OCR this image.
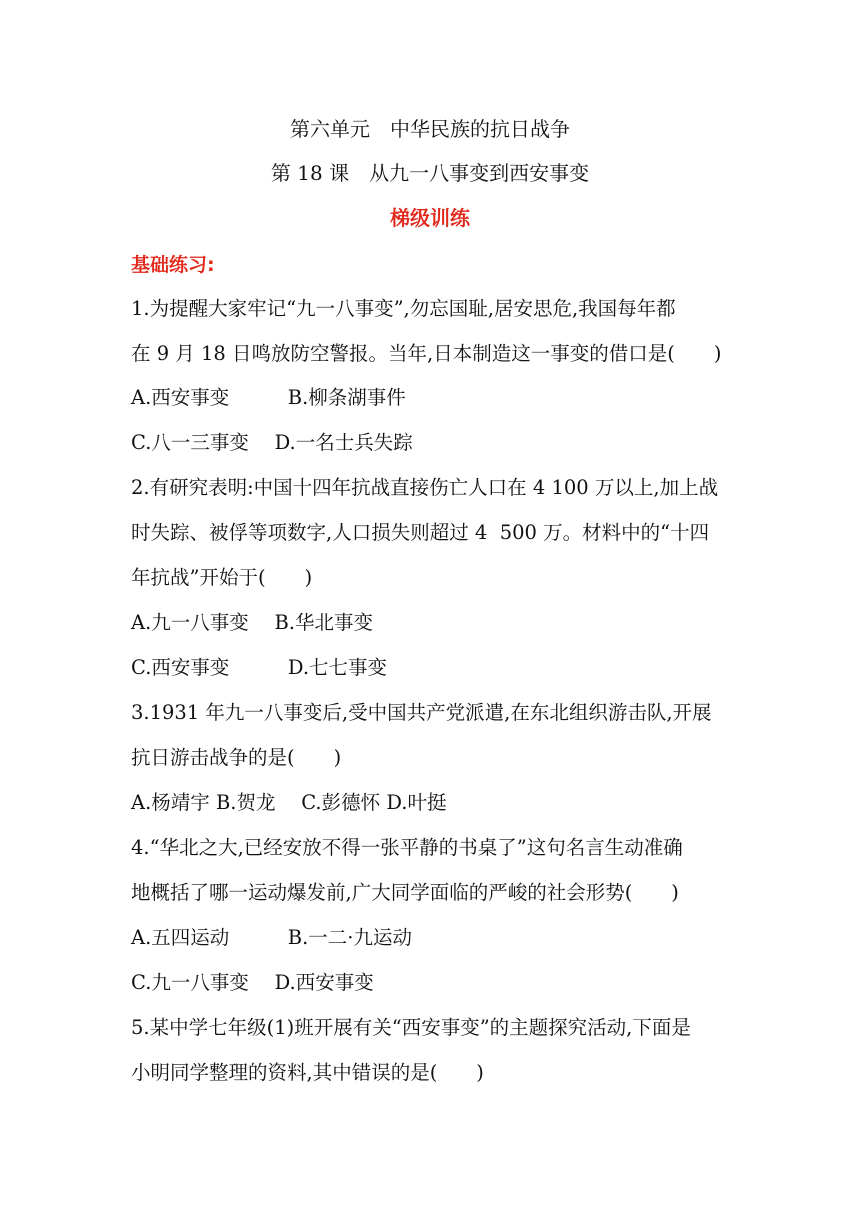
第六单元　中华民族的抗日战争
第 18 课　从九一八事变到西安事变
梯级训练
基础练习:
1.为提醒大家牢记“九一八事变”,勿忘国耻,居安思危,我国每年都
在 9 月 18 日鸣放防空警报。当年,日本制造这一事变的借口是(　　)
A.西安事变　　　B.柳条湖事件
C.八一三事变　 D.一名士兵失踪
2.有研究表明:中国十四年抗战直接伤亡人口在 4 100 万以上,加上战
时失踪、被俘等项数字,人口损失则超过 4  500 万。材料中的“十四
年抗战”开始于(　　)
A.九一八事变　 B.华北事变
C.西安事变　　　D.七七事变
3.1931 年九一八事变后,受中国共产党派遣,在东北组织游击队,开展
抗日游击战争的是(　　)
A.杨靖宇 B.贺龙　 C.彭德怀 D.叶挺
4.“华北之大,已经安放不得一张平静的书桌了”这句名言生动准确
地概括了哪一运动爆发前,广大同学面临的严峻的社会形势(　　)
A.五四运动　　　B.一二·九运动
C.九一八事变　 D.西安事变
5.某中学七年级(1)班开展有关“西安事变”的主题探究活动,下面是
小明同学整理的资料,其中错误的是(　　)
